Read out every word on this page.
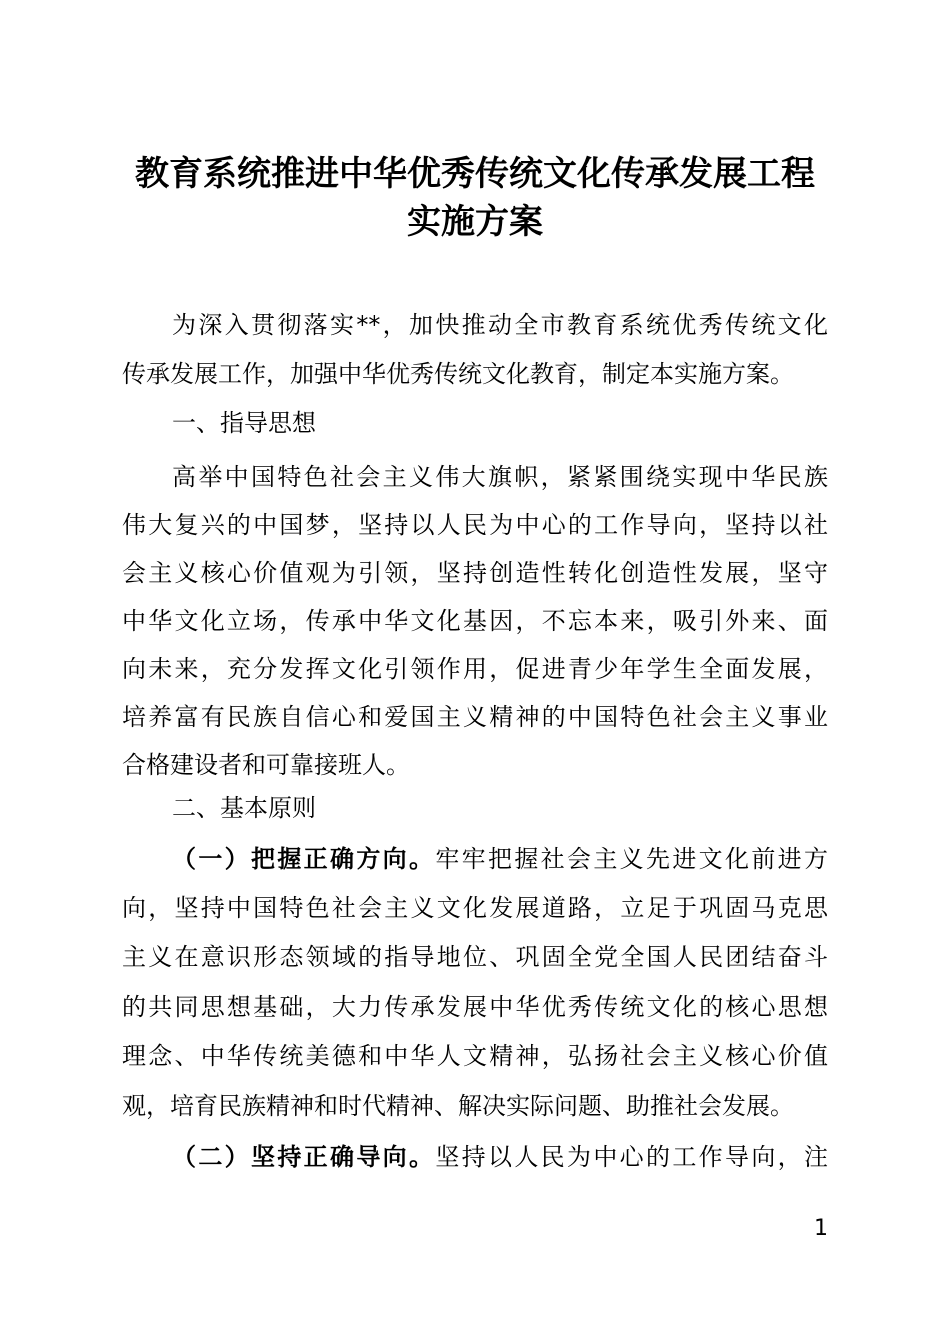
教育系统推进中华优秀传统文化传承发展工程
实施方案
为深入贯彻落实**，加快推动全市教育系统优秀传统文化
传承发展工作，加强中华优秀传统文化教育，制定本实施方案。
一、指导思想
高举中国特色社会主义伟大旗帜，紧紧围绕实现中华民族
伟大复兴的中国梦，坚持以人民为中心的工作导向，坚持以社
会主义核心价值观为引领，坚持创造性转化创造性发展，坚守
中华文化立场，传承中华文化基因，不忘本来，吸引外来、面
向未来，充分发挥文化引领作用，促进青少年学生全面发展，
培养富有民族自信心和爱国主义精神的中国特色社会主义事业
合格建设者和可靠接班人。
二、基本原则
（一）把握正确方向。牢牢把握社会主义先进文化前进方
向，坚持中国特色社会主义文化发展道路，立足于巩固马克思
主义在意识形态领域的指导地位、巩固全党全国人民团结奋斗
的共同思想基础，大力传承发展中华优秀传统文化的核心思想
理念、中华传统美德和中华人文精神，弘扬社会主义核心价值
观，培育民族精神和时代精神、解决实际问题、助推社会发展。
（二）坚持正确导向。坚持以人民为中心的工作导向，注
1
